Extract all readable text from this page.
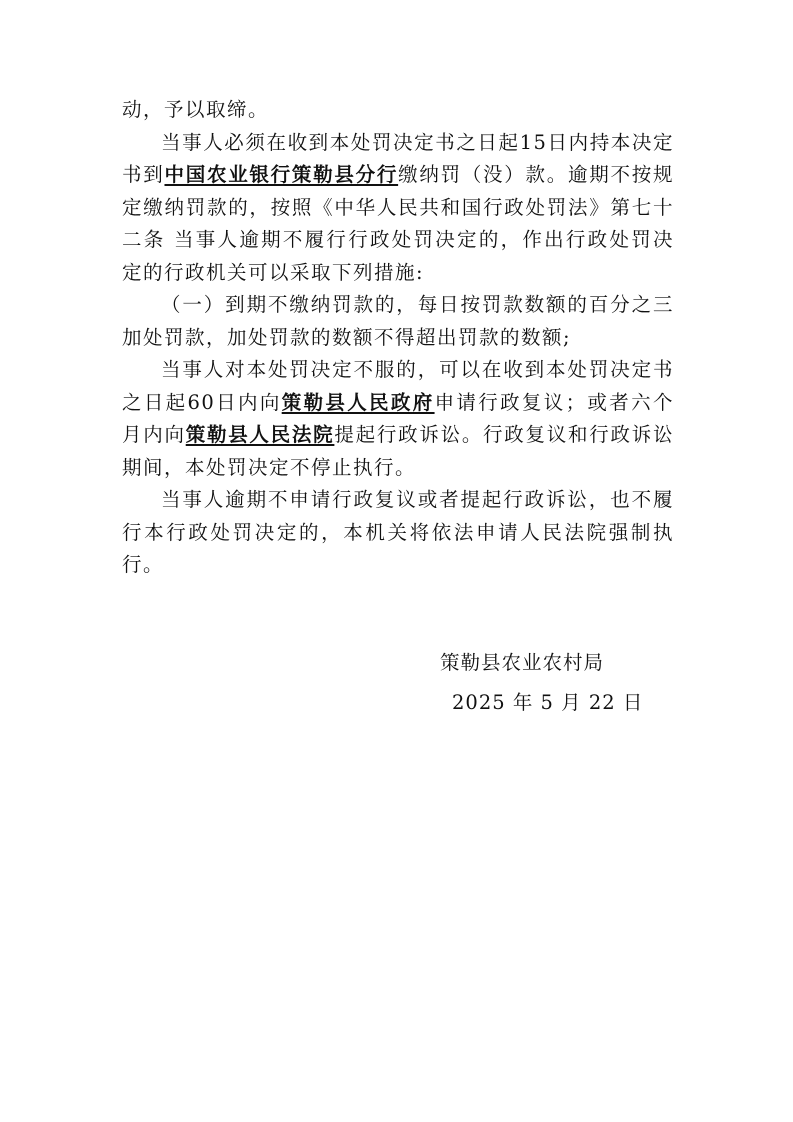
动，予以取缔。

当事人必须在收到本处罚决定书之日起15日内持本决定书到中国农业银行策勒县分行缴纳罚（没）款。逾期不按规定缴纳罚款的，按照《中华人民共和国行政处罚法》第七十二条 当事人逾期不履行行政处罚决定的，作出行政处罚决定的行政机关可以采取下列措施:

（一）到期不缴纳罚款的，每日按罚款数额的百分之三加处罚款，加处罚款的数额不得超出罚款的数额;

当事人对本处罚决定不服的，可以在收到本处罚决定书之日起60日内向策勒县人民政府申请行政复议；或者六个月内向策勒县人民法院提起行政诉讼。行政复议和行政诉讼期间，本处罚决定不停止执行。

当事人逾期不申请行政复议或者提起行政诉讼，也不履行本行政处罚决定的，本机关将依法申请人民法院强制执行。

策勒县农业农村局

2025 年 5 月 22 日
